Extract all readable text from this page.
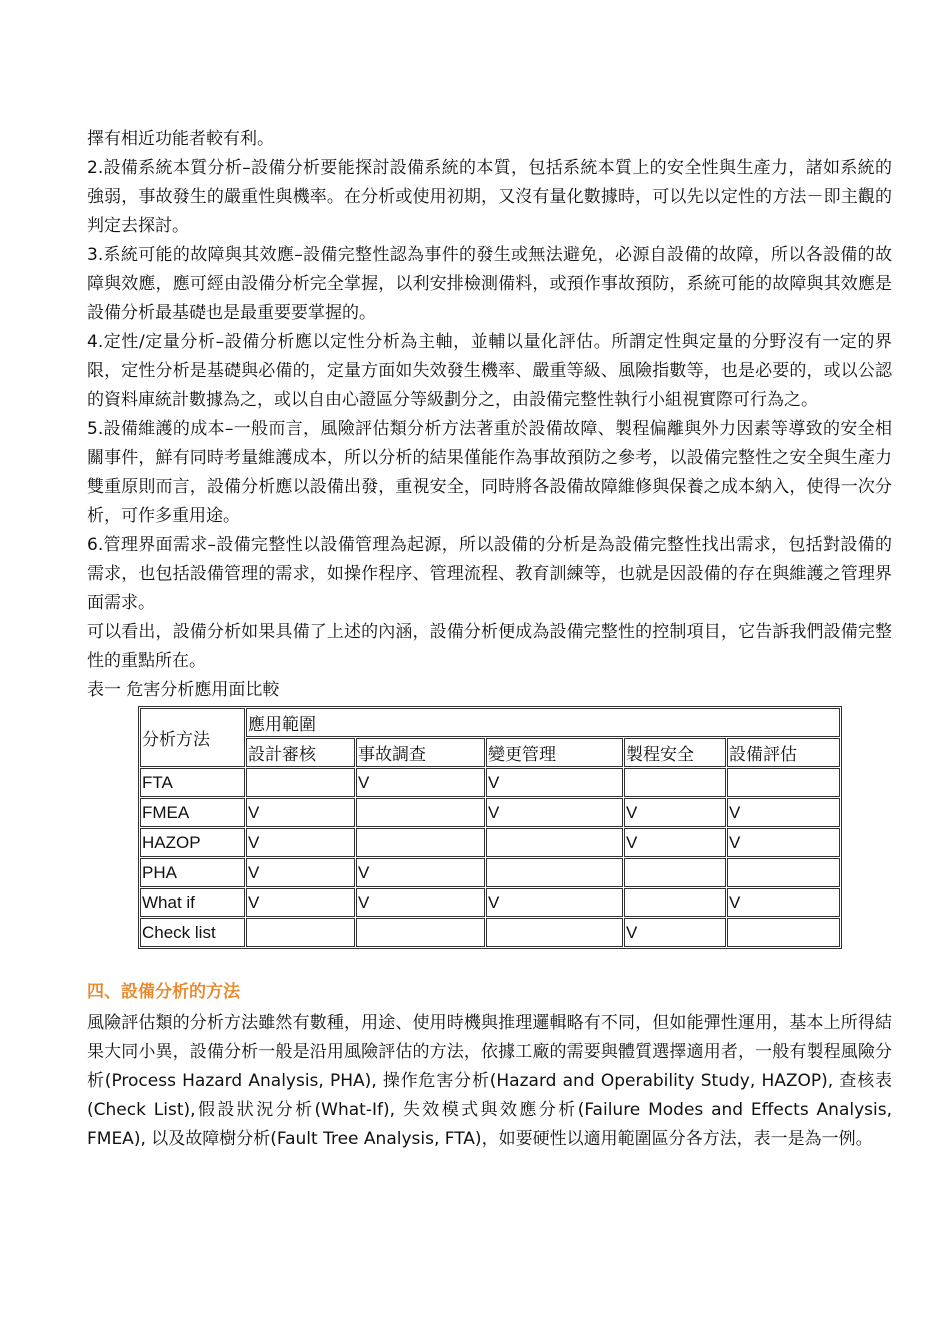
擇有相近功能者較有利。

2.設備系統本質分析–設備分析要能探討設備系統的本質，包括系統本質上的安全性與生產力，諸如系統的強弱，事故發生的嚴重性與機率。在分析或使用初期，又沒有量化數據時，可以先以定性的方法－即主觀的判定去探討。

3.系統可能的故障與其效應–設備完整性認為事件的發生或無法避免，必源自設備的故障，所以各設備的故障與效應，應可經由設備分析完全掌握，以利安排檢測備料，或預作事故預防，系統可能的故障與其效應是設備分析最基礎也是最重要要掌握的。

4.定性/定量分析–設備分析應以定性分析為主軸，並輔以量化評估。所謂定性與定量的分野沒有一定的界限，定性分析是基礎與必備的，定量方面如失效發生機率、嚴重等級、風險指數等，也是必要的，或以公認的資料庫統計數據為之，或以自由心證區分等級劃分之，由設備完整性執行小組視實際可行為之。

5.設備維護的成本–一般而言，風險評估類分析方法著重於設備故障、製程偏離與外力因素等導致的安全相關事件，鮮有同時考量維護成本，所以分析的結果僅能作為事故預防之參考，以設備完整性之安全與生產力雙重原則而言，設備分析應以設備出發，重視安全，同時將各設備故障維修與保養之成本納入，使得一次分析，可作多重用途。

6.管理界面需求–設備完整性以設備管理為起源，所以設備的分析是為設備完整性找出需求，包括對設備的需求，也包括設備管理的需求，如操作程序、管理流程、教育訓練等，也就是因設備的存在與維護之管理界面需求。

可以看出，設備分析如果具備了上述的內涵，設備分析便成為設備完整性的控制項目，它告訴我們設備完整性的重點所在。

表一 危害分析應用面比較

分析方法	應用範圍				
	設計審核	事故調查	變更管理	製程安全	設備評估
FTA		V	V		
FMEA	V		V	V	V
HAZOP	V			V	V
PHA	V	V			
What if	V	V	V		V
Check list				V	

四、設備分析的方法

風險評估類的分析方法雖然有數種，用途、使用時機與推理邏輯略有不同，但如能彈性運用，基本上所得結果大同小異，設備分析一般是沿用風險評估的方法，依據工廠的需要與體質選擇適用者，一般有製程風險分析(Process Hazard Analysis, PHA), 操作危害分析(Hazard and Operability Study, HAZOP), 查核表(Check List),假設狀況分析(What-If), 失效模式與效應分析(Failure Modes and Effects Analysis, FMEA), 以及故障樹分析(Fault Tree Analysis, FTA)，如要硬性以適用範圍區分各方法，表一是為一例。
